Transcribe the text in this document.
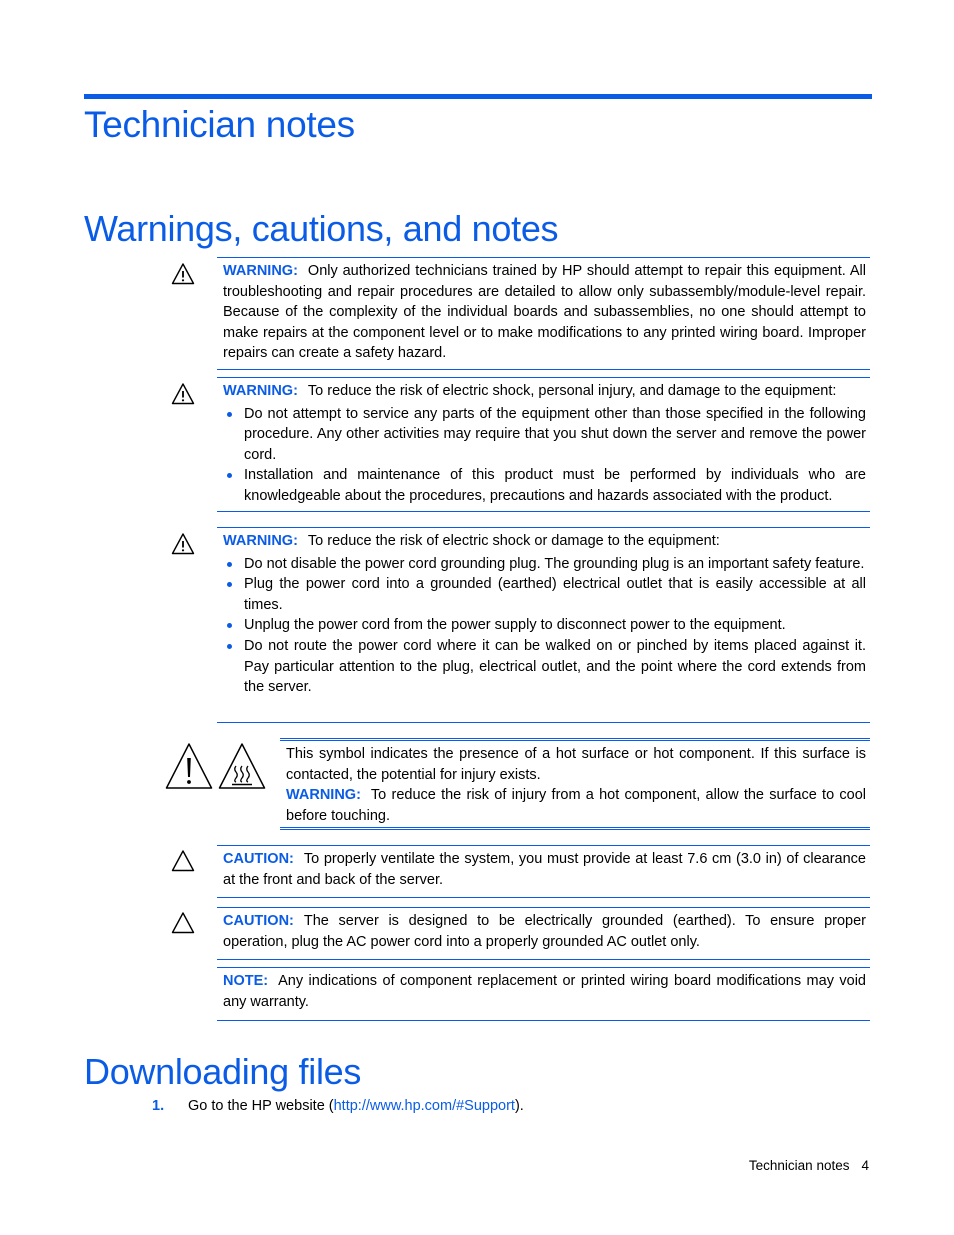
Technician notes
Warnings, cautions, and notes
WARNING: Only authorized technicians trained by HP should attempt to repair this equipment. All troubleshooting and repair procedures are detailed to allow only subassembly/module-level repair. Because of the complexity of the individual boards and subassemblies, no one should attempt to make repairs at the component level or to make modifications to any printed wiring board. Improper repairs can create a safety hazard.
WARNING: To reduce the risk of electric shock, personal injury, and damage to the equipment:
Do not attempt to service any parts of the equipment other than those specified in the following procedure. Any other activities may require that you shut down the server and remove the power cord.
Installation and maintenance of this product must be performed by individuals who are knowledgeable about the procedures, precautions and hazards associated with the product.
WARNING: To reduce the risk of electric shock or damage to the equipment:
Do not disable the power cord grounding plug. The grounding plug is an important safety feature.
Plug the power cord into a grounded (earthed) electrical outlet that is easily accessible at all times.
Unplug the power cord from the power supply to disconnect power to the equipment.
Do not route the power cord where it can be walked on or pinched by items placed against it. Pay particular attention to the plug, electrical outlet, and the point where the cord extends from the server.
This symbol indicates the presence of a hot surface or hot component. If this surface is contacted, the potential for injury exists.
WARNING: To reduce the risk of injury from a hot component, allow the surface to cool before touching.
CAUTION: To properly ventilate the system, you must provide at least 7.6 cm (3.0 in) of clearance at the front and back of the server.
CAUTION: The server is designed to be electrically grounded (earthed). To ensure proper operation, plug the AC power cord into a properly grounded AC outlet only.
NOTE: Any indications of component replacement or printed wiring board modifications may void any warranty.
Downloading files
1. Go to the HP website (http://www.hp.com/#Support).
Technician notes 4
